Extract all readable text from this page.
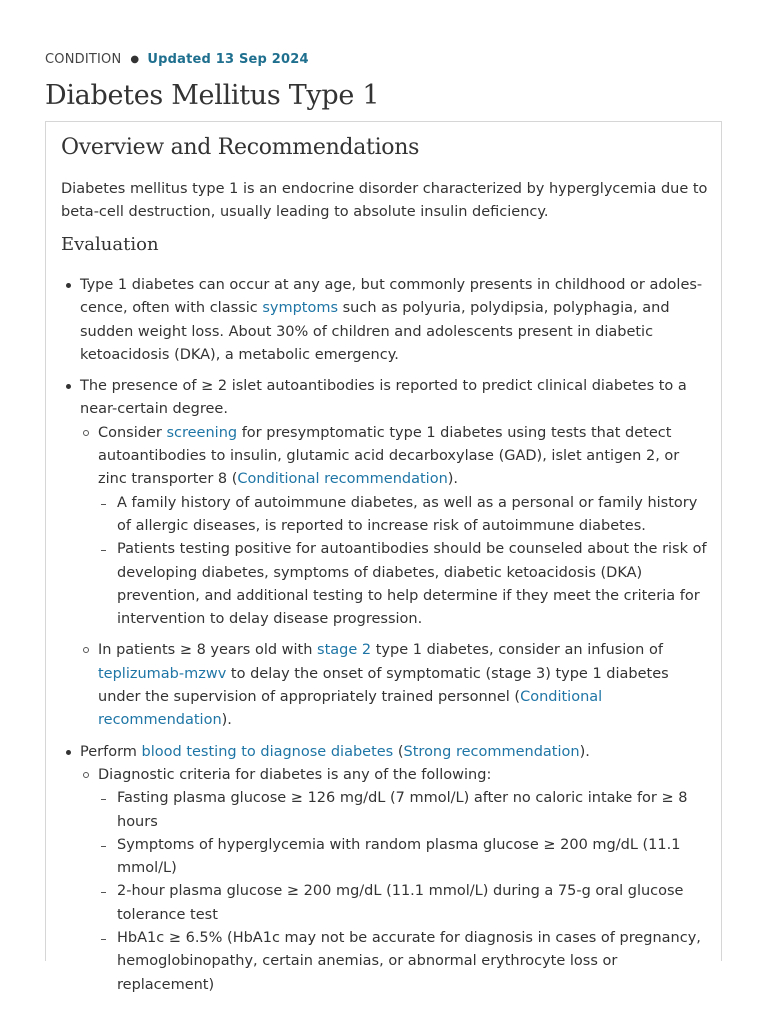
CONDITION ● Updated 13 Sep 2024
Diabetes Mellitus Type 1
Overview and Recommendations

Diabetes mellitus type 1 is an endocrine disorder characterized by hyperglycemia due to beta-cell destruction, usually leading to absolute insulin deficiency.

Evaluation
Type 1 diabetes can occur at any age, but commonly presents in childhood or adolescence, often with classic symptoms such as polyuria, polydipsia, polyphagia, and sudden weight loss. About 30% of children and adolescents present in diabetic ketoacidosis (DKA), a metabolic emergency.
The presence of ≥ 2 islet autoantibodies is reported to predict clinical diabetes to a near-certain degree.
Consider screening for presymptomatic type 1 diabetes using tests that detect autoantibodies to insulin, glutamic acid decarboxylase (GAD), islet antigen 2, or zinc transporter 8 (Conditional recommendation).
A family history of autoimmune diabetes, as well as a personal or family history of allergic diseases, is reported to increase risk of autoimmune diabetes.
Patients testing positive for autoantibodies should be counseled about the risk of developing diabetes, symptoms of diabetes, diabetic ketoacidosis (DKA) prevention, and additional testing to help determine if they meet the criteria for intervention to delay disease progression.
In patients ≥ 8 years old with stage 2 type 1 diabetes, consider an infusion of teplizumab-mzwv to delay the onset of symptomatic (stage 3) type 1 diabetes under the supervision of appropriately trained personnel (Conditional recommendation).
Perform blood testing to diagnose diabetes (Strong recommendation).
Diagnostic criteria for diabetes is any of the following:
Fasting plasma glucose ≥ 126 mg/dL (7 mmol/L) after no caloric intake for ≥ 8 hours
Symptoms of hyperglycemia with random plasma glucose ≥ 200 mg/dL (11.1 mmol/L)
2-hour plasma glucose ≥ 200 mg/dL (11.1 mmol/L) during a 75-g oral glucose tolerance test
HbA1c ≥ 6.5% (HbA1c may not be accurate for diagnosis in cases of pregnancy, hemoglobinopathy, certain anemias, or abnormal erythrocyte loss or replacement)
